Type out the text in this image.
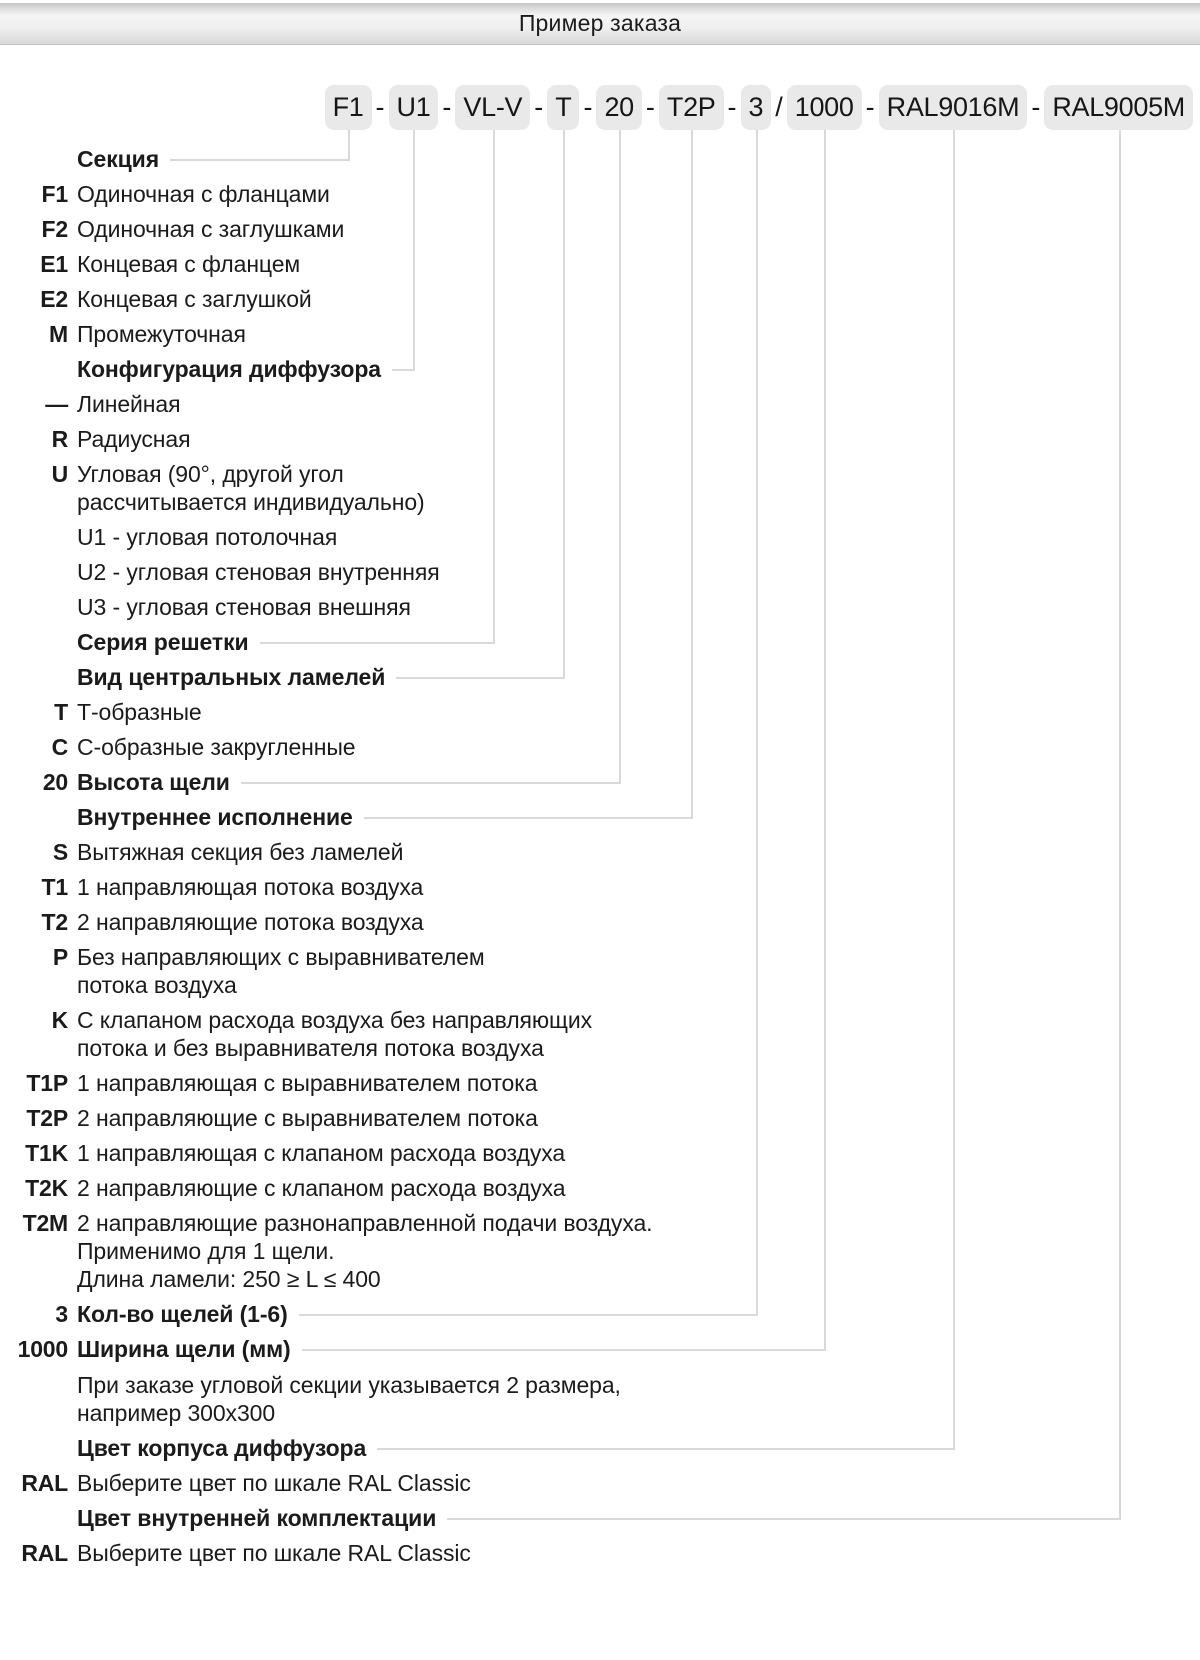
Пример заказа
F1 - U1 - VL-V - T - 20 - T2P - 3 / 1000 - RAL9016M - RAL9005M
Секция
F1 Одиночная с фланцами
F2 Одиночная с заглушками
E1 Концевая с фланцем
E2 Концевая с заглушкой
M Промежуточная
Конфигурация диффузора
— Линейная
R Радиусная
U Угловая (90°, другой угол
рассчитывается индивидуально)
U1 - угловая потолочная
U2 - угловая стеновая внутренняя
U3 - угловая стеновая внешняя
Серия решетки
Вид центральных ламелей
T Т-образные
C С-образные закругленные
20 Высота щели
Внутреннее исполнение
S Вытяжная секция без ламелей
T1 1 направляющая потока воздуха
T2 2 направляющие потока воздуха
P Без направляющих с выравнивателем
потока воздуха
K С клапаном расхода воздуха без направляющих
потока и без выравнивателя потока воздуха
T1P 1 направляющая с выравнивателем потока
T2P 2 направляющие с выравнивателем потока
T1K 1 направляющая с клапаном расхода воздуха
T2K 2 направляющие с клапаном расхода воздуха
T2M 2 направляющие разнонаправленной подачи воздуха.
Применимо для 1 щели.
Длина ламели: 250 ≥ L ≤ 400
3 Кол-во щелей (1-6)
1000 Ширина щели (мм)
При заказе угловой секции указывается 2 размера,
например 300x300
Цвет корпуса диффузора
RAL Выберите цвет по шкале RAL Classic
Цвет внутренней комплектации
RAL Выберите цвет по шкале RAL Classic
